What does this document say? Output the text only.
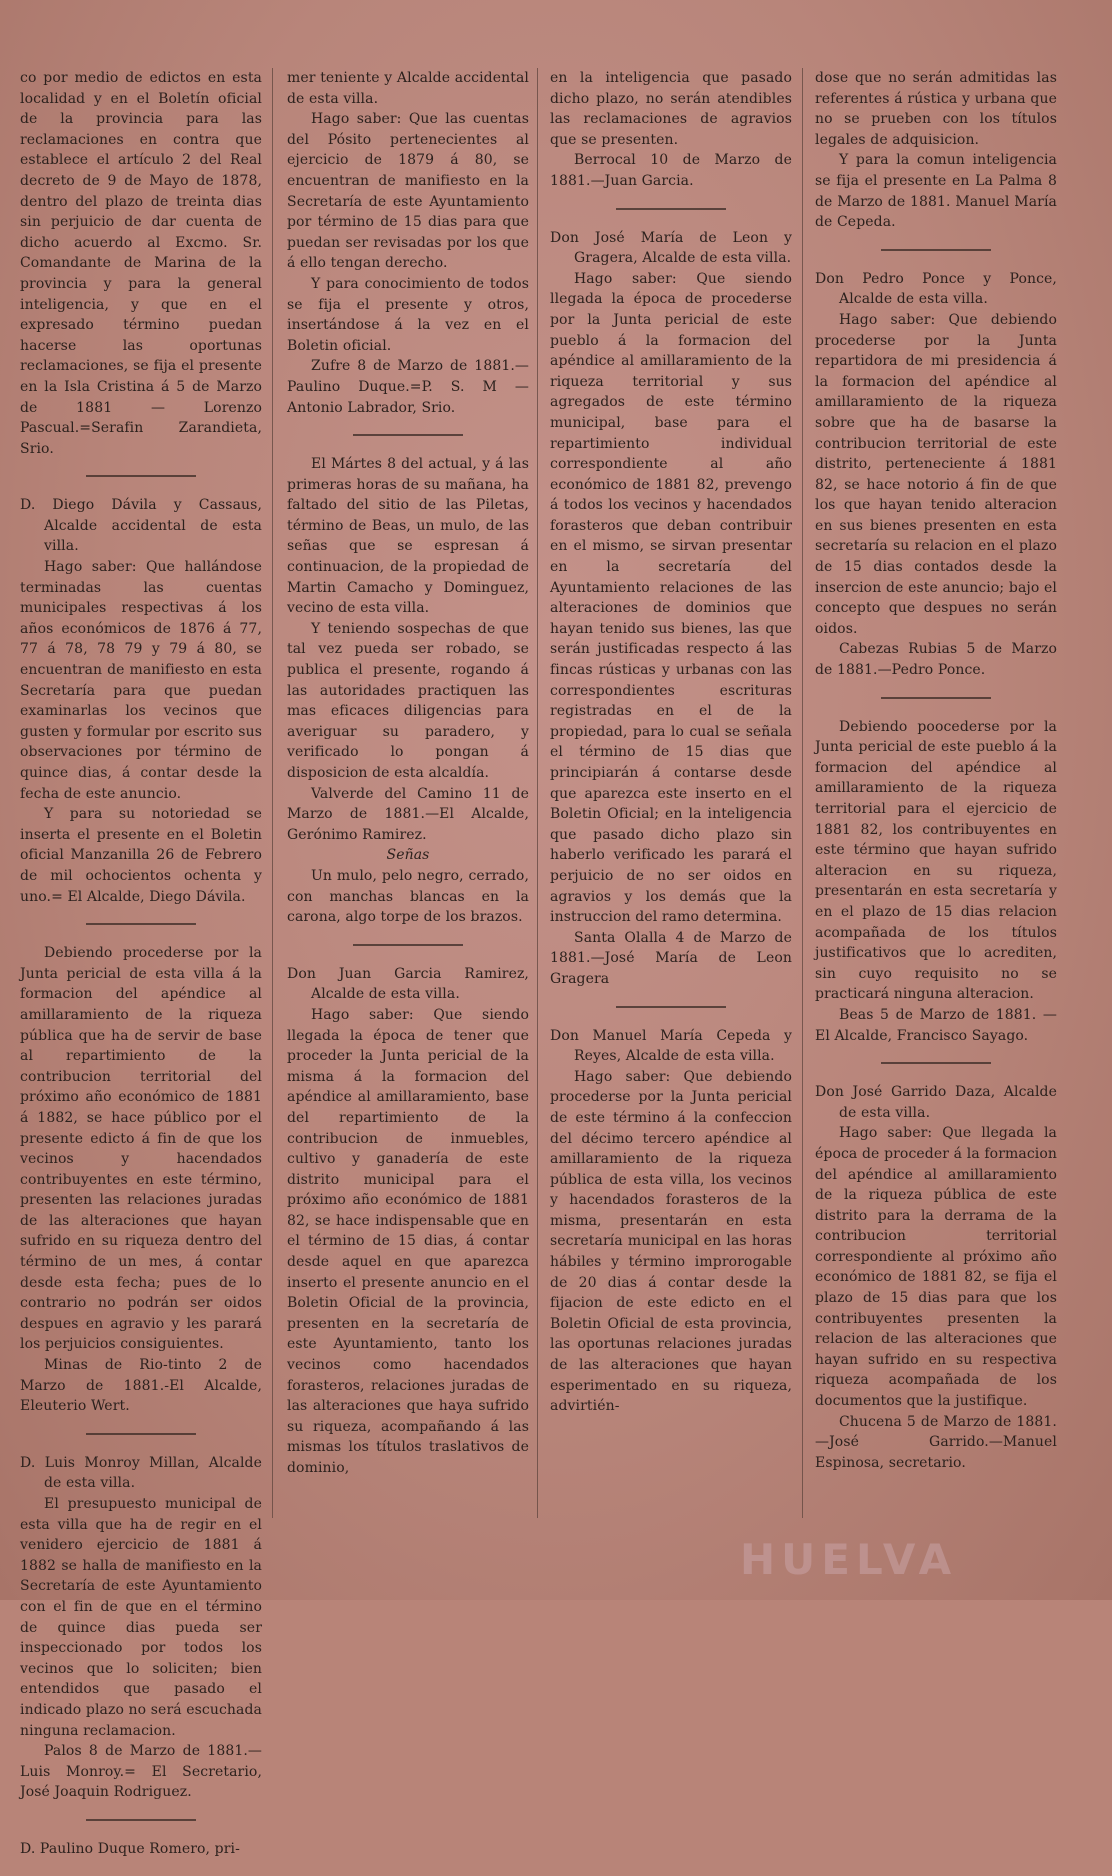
co por medio de edictos en esta localidad y en el Boletín oficial de la provincia para las reclamaciones en contra que establece el artículo 2 del Real decreto de 9 de Mayo de 1878, dentro del plazo de treinta dias sin perjuicio de dar cuenta de dicho acuerdo al Excmo. Sr. Comandante de Marina de la provincia y para la general inteligencia, y que en el expresado término puedan hacerse las oportunas reclamaciones, se fija el presente en la Isla Cristina á 5 de Marzo de 1881 — Lorenzo Pascual.=Serafin Zarandieta, Srio.

D. Diego Dávila y Cassaus, Alcalde accidental de esta villa.

Hago saber: Que hallándose terminadas las cuentas municipales respectivas á los años económicos de 1876 á 77, 77 á 78, 78 79 y 79 á 80, se encuentran de manifiesto en esta Secretaría para que puedan examinarlas los vecinos que gusten y formular por escrito sus observaciones por término de quince dias, á contar desde la fecha de este anuncio.

Y para su notoriedad se inserta el presente en el Boletin oficial Manzanilla 26 de Febrero de mil ochocientos ochenta y uno.= El Alcalde, Diego Dávila.

Debiendo procederse por la Junta pericial de esta villa á la formacion del apéndice al amillaramiento de la riqueza pública que ha de servir de base al repartimiento de la contribucion territorial del próximo año económico de 1881 á 1882, se hace público por el presente edicto á fin de que los vecinos y hacendados contribuyentes en este término, presenten las relaciones juradas de las alteraciones que hayan sufrido en su riqueza dentro del término de un mes, á contar desde esta fecha; pues de lo contrario no podrán ser oidos despues en agravio y les parará los perjuicios consiguientes.

Minas de Rio-tinto 2 de Marzo de 1881.-El Alcalde, Eleuterio Wert.

D. Luis Monroy Millan, Alcalde de esta villa.

El presupuesto municipal de esta villa que ha de regir en el venidero ejercicio de 1881 á 1882 se halla de manifiesto en la Secretaría de este Ayuntamiento con el fin de que en el término de quince dias pueda ser inspeccionado por todos los vecinos que lo soliciten; bien entendidos que pasado el indicado plazo no será escuchada ninguna reclamacion.

Palos 8 de Marzo de 1881.— Luis Monroy.= El Secretario, José Joaquin Rodriguez.

D. Paulino Duque Romero, pri-

mer teniente y Alcalde accidental de esta villa.

Hago saber: Que las cuentas del Pósito pertenecientes al ejercicio de 1879 á 80, se encuentran de manifiesto en la Secretaría de este Ayuntamiento por término de 15 dias para que puedan ser revisadas por los que á ello tengan derecho.

Y para conocimiento de todos se fija el presente y otros, insertándose á la vez en el Boletin oficial.

Zufre 8 de Marzo de 1881.— Paulino Duque.=P. S. M —Antonio Labrador, Srio.

El Mártes 8 del actual, y á las primeras horas de su mañana, ha faltado del sitio de las Piletas, término de Beas, un mulo, de las señas que se espresan á continuacion, de la propiedad de Martin Camacho y Dominguez, vecino de esta villa.

Y teniendo sospechas de que tal vez pueda ser robado, se publica el presente, rogando á las autoridades practiquen las mas eficaces diligencias para averiguar su paradero, y verificado lo pongan á disposicion de esta alcaldía.

Valverde del Camino 11 de Marzo de 1881.—El Alcalde, Gerónimo Ramirez.

Señas

Un mulo, pelo negro, cerrado, con manchas blancas en la carona, algo torpe de los brazos.

Don Juan Garcia Ramirez, Alcalde de esta villa.

Hago saber: Que siendo llegada la época de tener que proceder la Junta pericial de la misma á la formacion del apéndice al amillaramiento, base del repartimiento de la contribucion de inmuebles, cultivo y ganadería de este distrito municipal para el próximo año económico de 1881 82, se hace indispensable que en el término de 15 dias, á contar desde aquel en que aparezca inserto el presente anuncio en el Boletin Oficial de la provincia, presenten en la secretaría de este Ayuntamiento, tanto los vecinos como hacendados forasteros, relaciones juradas de las alteraciones que haya sufrido su riqueza, acompañando á las mismas los títulos traslativos de dominio,

en la inteligencia que pasado dicho plazo, no serán atendibles las reclamaciones de agravios que se presenten.

Berrocal 10 de Marzo de 1881.—Juan Garcia.

Don José María de Leon y Gragera, Alcalde de esta villa.

Hago saber: Que siendo llegada la época de procederse por la Junta pericial de este pueblo á la formacion del apéndice al amillaramiento de la riqueza territorial y sus agregados de este término municipal, base para el repartimiento individual correspondiente al año económico de 1881 82, prevengo á todos los vecinos y hacendados forasteros que deban contribuir en el mismo, se sirvan presentar en la secretaría del Ayuntamiento relaciones de las alteraciones de dominios que hayan tenido sus bienes, las que serán justificadas respecto á las fincas rústicas y urbanas con las correspondientes escrituras registradas en el de la propiedad, para lo cual se señala el término de 15 dias que principiarán á contarse desde que aparezca este inserto en el Boletin Oficial; en la inteligencia que pasado dicho plazo sin haberlo verificado les parará el perjuicio de no ser oidos en agravios y los demás que la instruccion del ramo determina.

Santa Olalla 4 de Marzo de 1881.—José María de Leon Gragera

Don Manuel María Cepeda y Reyes, Alcalde de esta villa.

Hago saber: Que debiendo procederse por la Junta pericial de este término á la confeccion del décimo tercero apéndice al amillaramiento de la riqueza pública de esta villa, los vecinos y hacendados forasteros de la misma, presentarán en esta secretaría municipal en las horas hábiles y término improrogable de 20 dias á contar desde la fijacion de este edicto en el Boletin Oficial de esta provincia, las oportunas relaciones juradas de las alteraciones que hayan esperimentado en su riqueza, advirtién-

dose que no serán admitidas las referentes á rústica y urbana que no se prueben con los títulos legales de adquisicion.

Y para la comun inteligencia se fija el presente en La Palma 8 de Marzo de 1881. Manuel María de Cepeda.

Don Pedro Ponce y Ponce, Alcalde de esta villa.

Hago saber: Que debiendo procederse por la Junta repartidora de mi presidencia á la formacion del apéndice al amillaramiento de la riqueza sobre que ha de basarse la contribucion territorial de este distrito, perteneciente á 1881 82, se hace notorio á fin de que los que hayan tenido alteracion en sus bienes presenten en esta secretaría su relacion en el plazo de 15 dias contados desde la insercion de este anuncio; bajo el concepto que despues no serán oidos.

Cabezas Rubias 5 de Marzo de 1881.—Pedro Ponce.

Debiendo poocederse por la Junta pericial de este pueblo á la formacion del apéndice al amillaramiento de la riqueza territorial para el ejercicio de 1881 82, los contribuyentes en este término que hayan sufrido alteracion en su riqueza, presentarán en esta secretaría y en el plazo de 15 dias relacion acompañada de los títulos justificativos que lo acrediten, sin cuyo requisito no se practicará ninguna alteracion.

Beas 5 de Marzo de 1881. —El Alcalde, Francisco Sayago.

Don José Garrido Daza, Alcalde de esta villa.

Hago saber: Que llegada la época de proceder á la formacion del apéndice al amillaramiento de la riqueza pública de este distrito para la derrama de la contribucion territorial correspondiente al próximo año económico de 1881 82, se fija el plazo de 15 dias para que los contribuyentes presenten la relacion de las alteraciones que hayan sufrido en su respectiva riqueza acompañada de los documentos que la justifique.

Chucena 5 de Marzo de 1881.—José Garrido.—Manuel Espinosa, secretario.

HUELVA
